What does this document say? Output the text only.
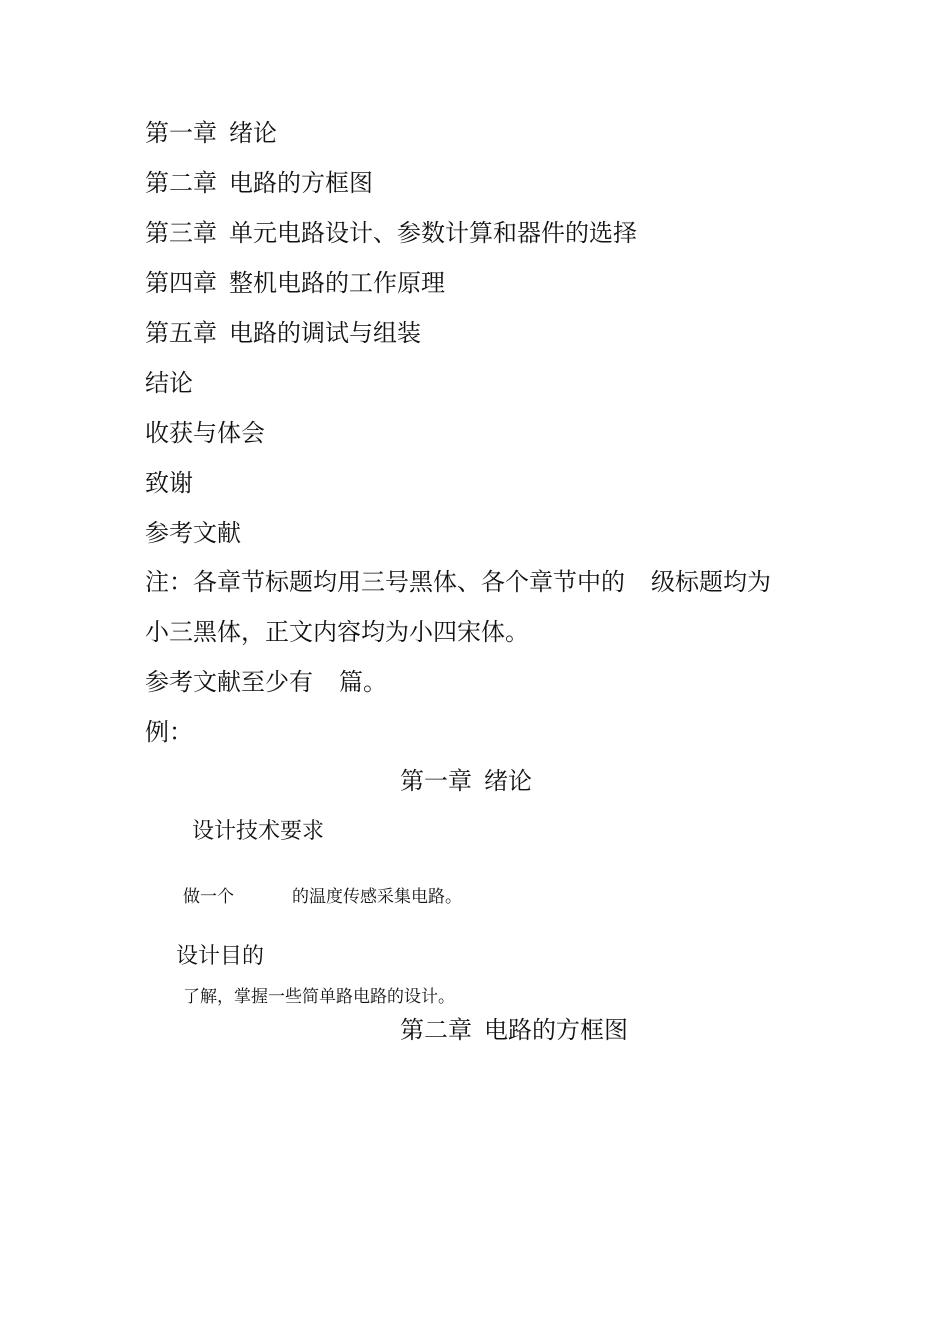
第一章 绪论
第二章 电路的方框图
第三章 单元电路设计、参数计算和器件的选择
第四章 整机电路的工作原理
第五章 电路的调试与组装
结论
收获与体会
致谢
参考文献
注：各章节标题均用三号黑体、各个章节中的 级标题均为
小三黑体，正文内容均为小四宋体。
参考文献至少有 篇。
例：
第一章 绪论
设计技术要求
做一个	的温度传感采集电路。
设计目的
了解，掌握一些简单路电路的设计。
第二章 电路的方框图
